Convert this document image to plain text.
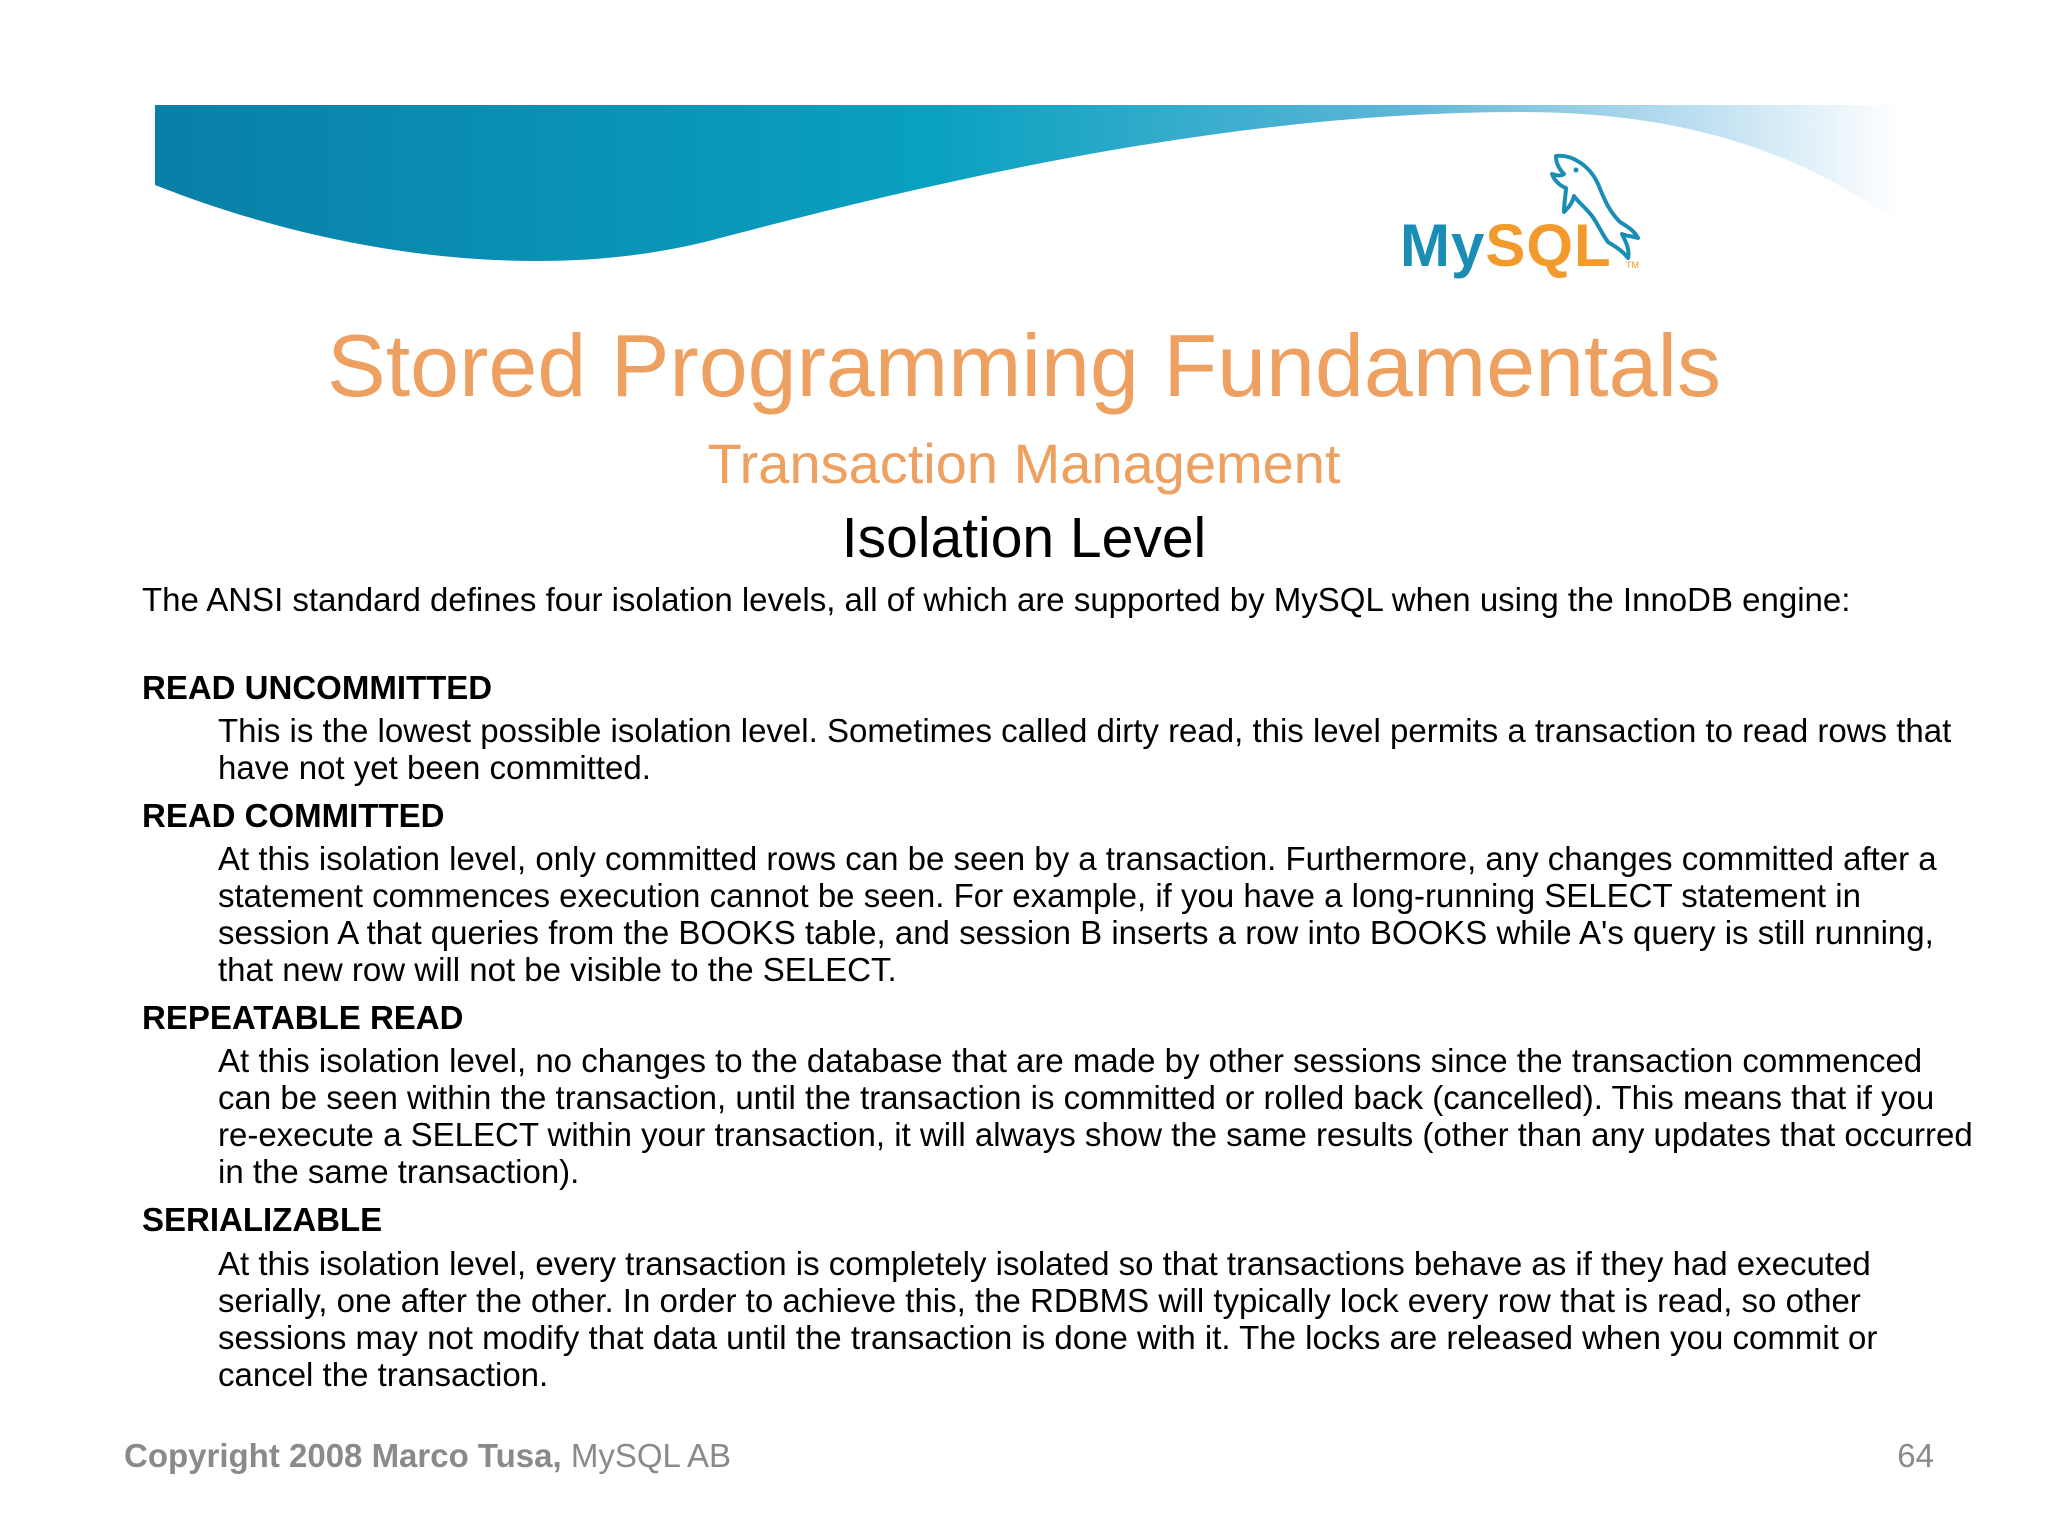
MySQL TM
Stored Programming Fundamentals
Transaction Management
Isolation Level
The ANSI standard defines four isolation levels, all of which are supported by MySQL when using the InnoDB engine:
READ UNCOMMITTED
This is the lowest possible isolation level. Sometimes called dirty read, this level permits a transaction to read rows that have not yet been committed.
READ COMMITTED
At this isolation level, only committed rows can be seen by a transaction. Furthermore, any changes committed after a statement commences execution cannot be seen. For example, if you have a long-running SELECT statement in session A that queries from the BOOKS table, and session B inserts a row into BOOKS while A's query is still running, that new row will not be visible to the SELECT.
REPEATABLE READ
At this isolation level, no changes to the database that are made by other sessions since the transaction commenced can be seen within the transaction, until the transaction is committed or rolled back (cancelled). This means that if you re-execute a SELECT within your transaction, it will always show the same results (other than any updates that occurred in the same transaction).
SERIALIZABLE
At this isolation level, every transaction is completely isolated so that transactions behave as if they had executed serially, one after the other. In order to achieve this, the RDBMS will typically lock every row that is read, so other sessions may not modify that data until the transaction is done with it. The locks are released when you commit or cancel the transaction.
Copyright 2008 Marco Tusa, MySQL AB	64
